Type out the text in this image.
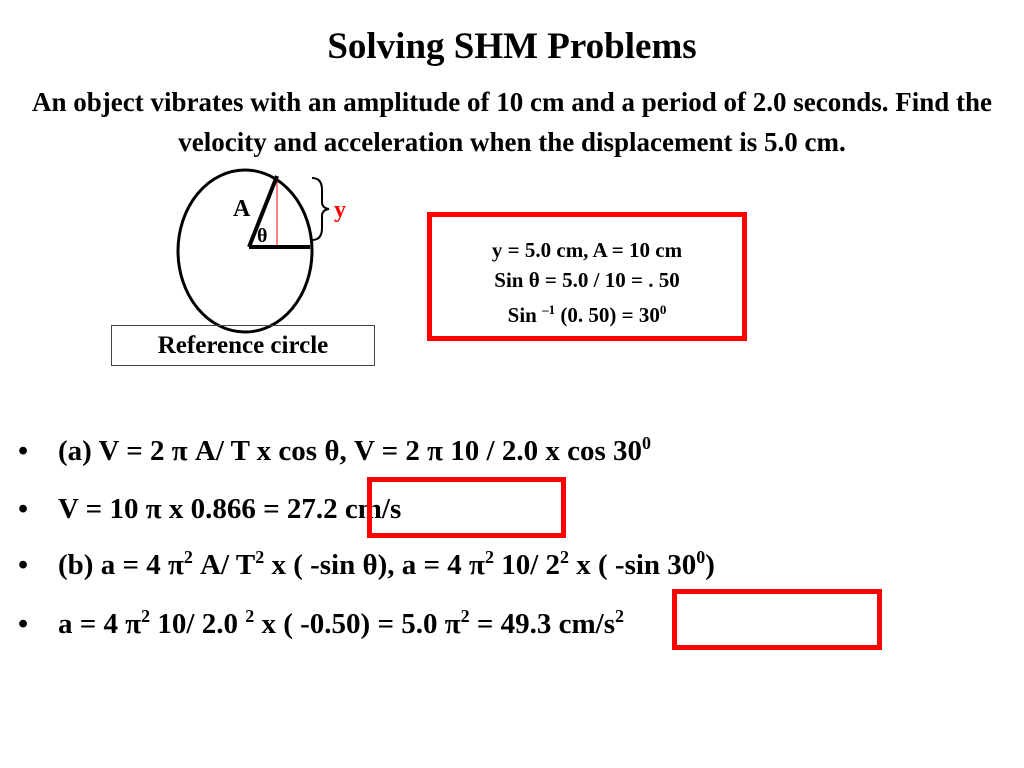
Solving SHM Problems
An object vibrates with an amplitude of 10 cm and a period of 2.0 seconds. Find the velocity and acceleration when the displacement is 5.0 cm.
A
θ
y
Reference circle
y = 5.0 cm, A = 10 cm
Sin θ = 5.0 / 10 = . 50
Sin $^{-1}$ (0. $50) = 30^0$
• (a) V = 2 π A/ T x cos θ, V = 2 π 10 / 2.0 x $\cos 30^0$
• V = 10 π x 0.866 = 27.2 cm/s
• (b) a = 4 $\pi^2$ A/ $T^2$ x ( -sin θ), a = 4 $\pi^2$ 10/ $2^2$ x ( -sin $30^0$)
• a = 4 $\pi^2$ 10/ 2.0 $^2$ x ( -0.50) = 5.0 $\pi^2 = 49.3$ $cm/s^2$
